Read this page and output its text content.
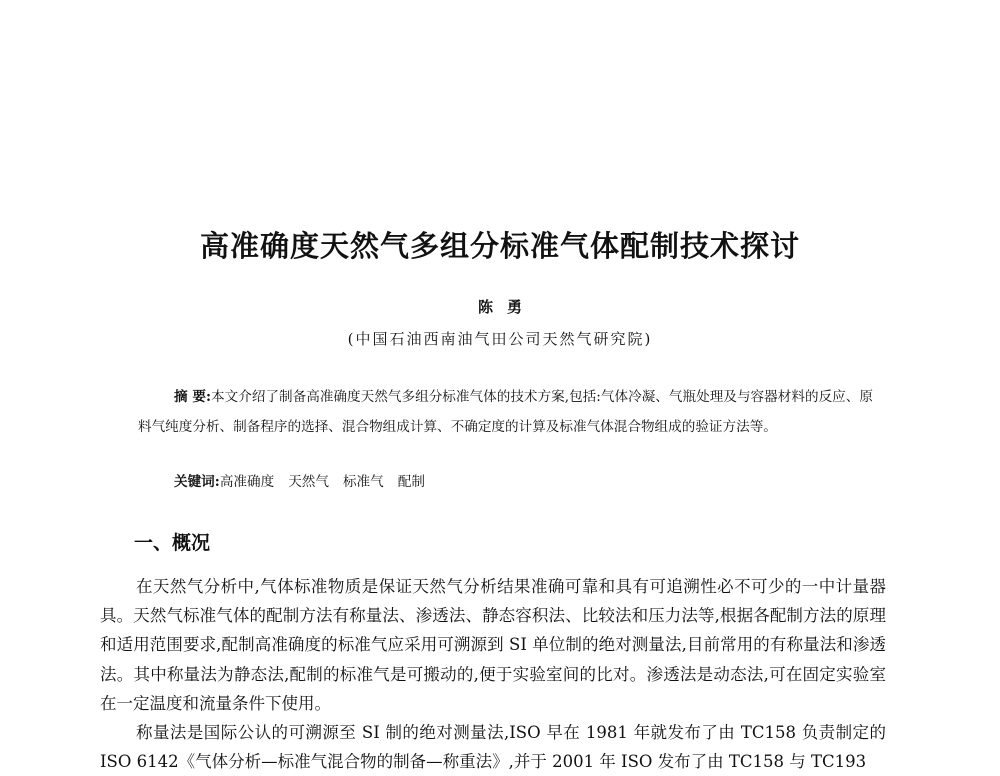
高准确度天然气多组分标准气体配制技术探讨
陈勇
(中国石油西南油气田公司天然气研究院)
摘 要:本文介绍了制备高准确度天然气多组分标准气体的技术方案,包括:气体冷凝、气瓶处理及与容器材料的反应、原料气纯度分析、制备程序的选择、混合物组成计算、不确定度的计算及标准气体混合物组成的验证方法等。
关键词:高准确度 天然气 标准气 配制
一、概况

在天然气分析中,气体标准物质是保证天然气分析结果准确可靠和具有可追溯性必不可少的一中计量器具。天然气标准气体的配制方法有称量法、渗透法、静态容积法、比较法和压力法等,根据各配制方法的原理和适用范围要求,配制高准确度的标准气应采用可溯源到 SI 单位制的绝对测量法,目前常用的有称量法和渗透法。其中称量法为静态法,配制的标准气是可搬动的,便于实验室间的比对。渗透法是动态法,可在固定实验室在一定温度和流量条件下使用。

称量法是国际公认的可溯源至 SI 制的绝对测量法,ISO 早在 1981 年就发布了由 TC158 负责制定的 ISO 6142《气体分析—标准气混合物的制备—称重法》,并于 2001 年 ISO 发布了由 TC158 与 TC193
